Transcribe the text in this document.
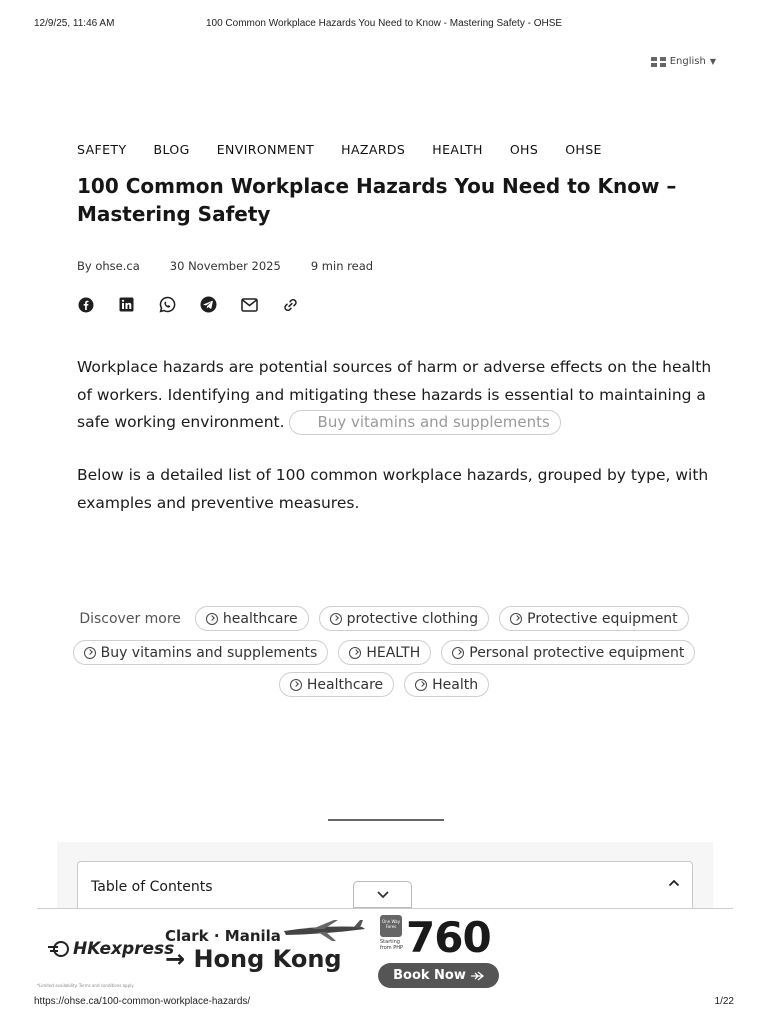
12/9/25, 11:46 AM	100 Common Workplace Hazards You Need to Know - Mastering Safety - OHSE
English ▼
SAFETY BLOG ENVIRONMENT HAZARDS HEALTH OHS OHSE
100 Common Workplace Hazards You Need to Know – Mastering Safety
By ohse.ca	30 November 2025	9 min read

Workplace hazards are potential sources of harm or adverse effects on the health of workers. Identifying and mitigating these hazards is essential to maintaining a safe working environment. Buy vitamins and supplements

Below is a detailed list of 100 common workplace hazards, grouped by type, with examples and preventive measures.

Discover more	healthcare	protective clothing	Protective equipment
Buy vitamins and supplements	HEALTH	Personal protective equipment
Healthcare	Health
Table of Contents
HKexpress
*Limited availability. Terms and conditions apply.
Clark · Manila
→ Hong Kong
One Way Fares
Starting from PHP 760
Book Now
https://ohse.ca/100-common-workplace-hazards/	1/22
